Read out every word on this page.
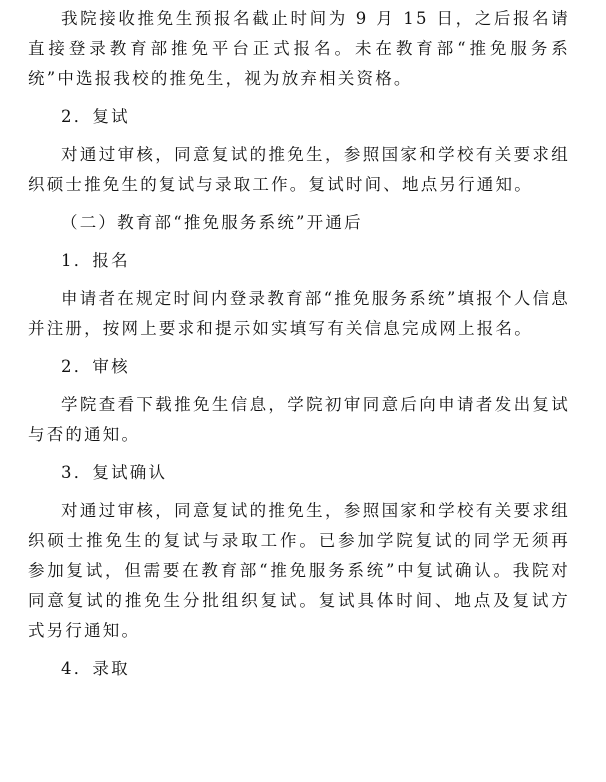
我院接收推免生预报名截止时间为 9 月 15 日，之后报名请直接登录教育部推免平台正式报名。未在教育部“推免服务系统”中选报我校的推免生，视为放弃相关资格。

2．复试

对通过审核，同意复试的推免生，参照国家和学校有关要求组织硕士推免生的复试与录取工作。复试时间、地点另行通知。

（二）教育部“推免服务系统”开通后

1．报名

申请者在规定时间内登录教育部“推免服务系统”填报个人信息并注册，按网上要求和提示如实填写有关信息完成网上报名。

2．审核

学院查看下载推免生信息，学院初审同意后向申请者发出复试与否的通知。

3．复试确认

对通过审核，同意复试的推免生，参照国家和学校有关要求组织硕士推免生的复试与录取工作。已参加学院复试的同学无须再参加复试，但需要在教育部“推免服务系统”中复试确认。我院对同意复试的推免生分批组织复试。复试具体时间、地点及复试方式另行通知。

4．录取
